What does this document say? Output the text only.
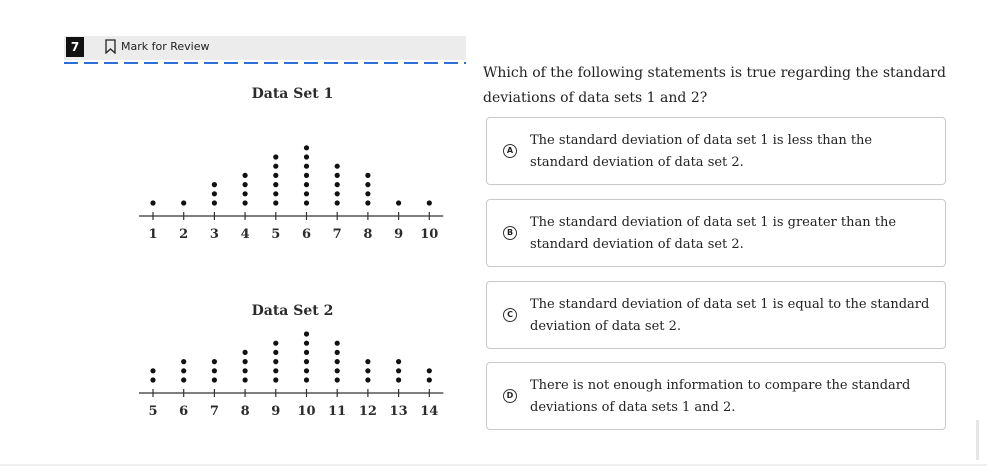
7	Mark for Review
Data Set 1
1 2 3 4 5 6 7 8 9 10
Data Set 2
5 6 7 8 9 10 11 12 13 14
Which of the following statements is true regarding the standard deviations of data sets 1 and 2?
A
The standard deviation of data set 1 is less than the standard deviation of data set 2.
B
The standard deviation of data set 1 is greater than the standard deviation of data set 2.
C
The standard deviation of data set 1 is equal to the standard deviation of data set 2.
D
There is not enough information to compare the standard deviations of data sets 1 and 2.
